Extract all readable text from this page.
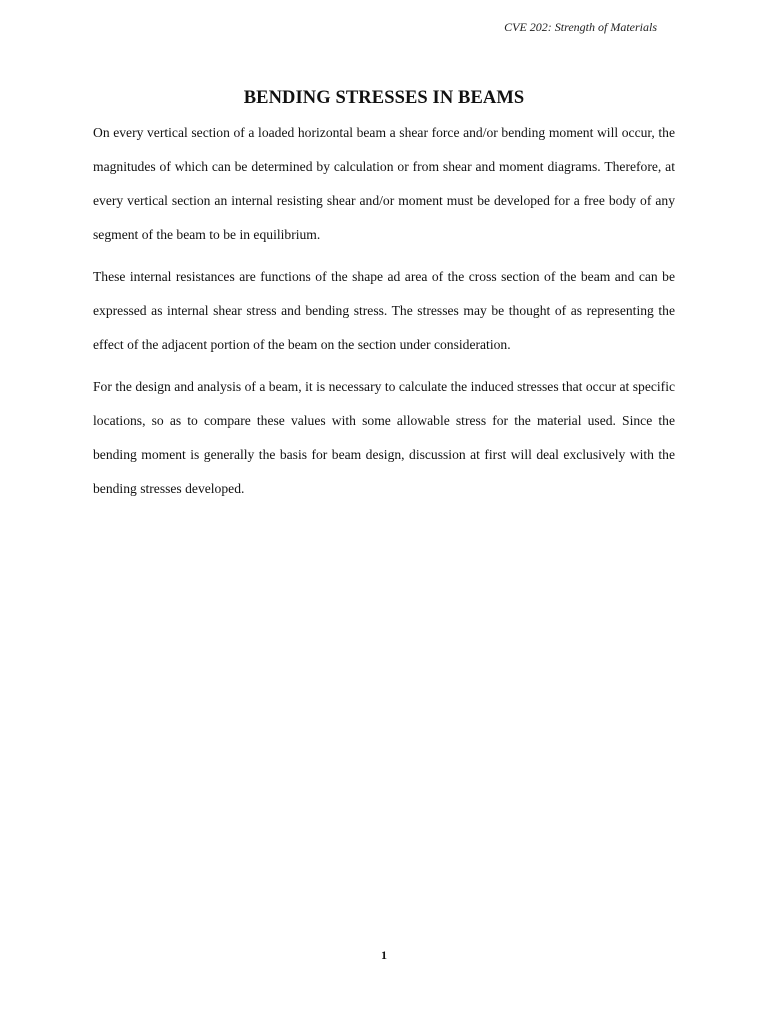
CVE 202: Strength of Materials
BENDING STRESSES IN BEAMS

On every vertical section of a loaded horizontal beam a shear force and/or bending moment will occur, the magnitudes of which can be determined by calculation or from shear and moment diagrams. Therefore, at every vertical section an internal resisting shear and/or moment must be developed for a free body of any segment of the beam to be in equilibrium.

These internal resistances are functions of the shape ad area of the cross section of the beam and can be expressed as internal shear stress and bending stress. The stresses may be thought of as representing the effect of the adjacent portion of the beam on the section under consideration.

For the design and analysis of a beam, it is necessary to calculate the induced stresses that occur at specific locations, so as to compare these values with some allowable stress for the material used. Since the bending moment is generally the basis for beam design, discussion at first will deal exclusively with the bending stresses developed.

1
